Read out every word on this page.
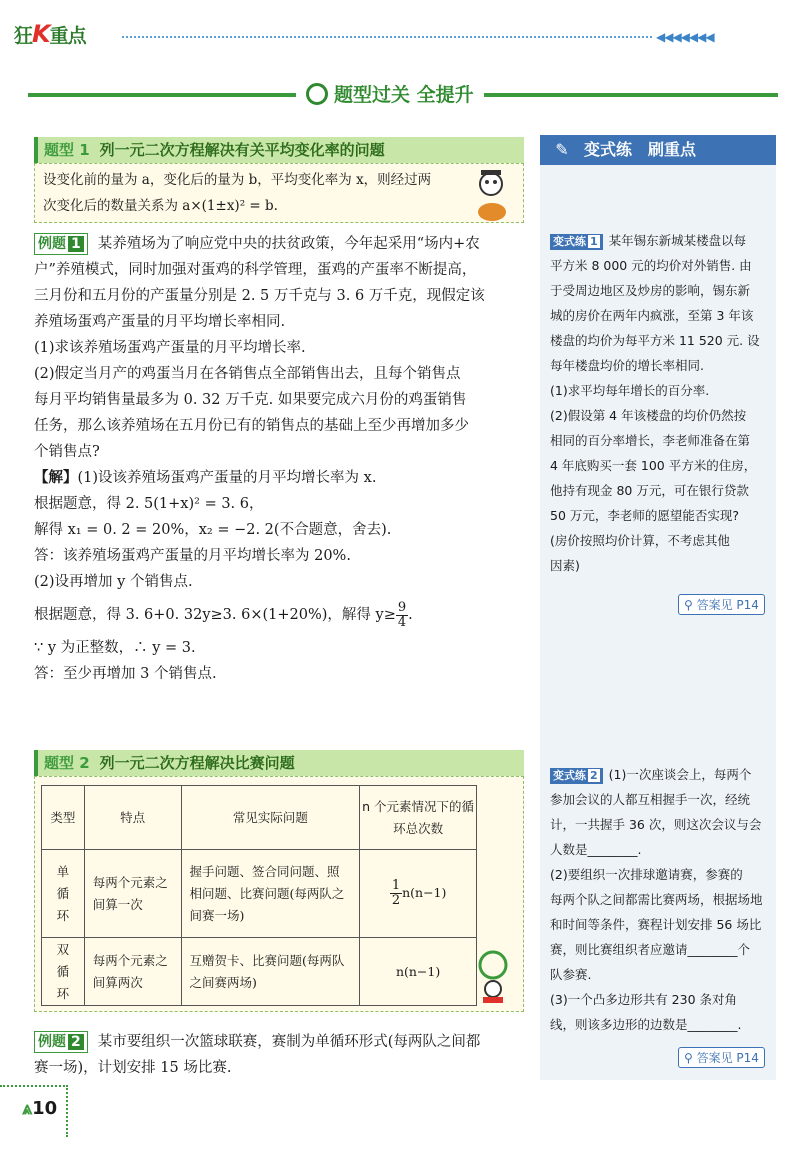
狂K重点	◀◀◀◀◀◀◀
题型过关 全提升
题型 1 列一元二次方程解决有关平均变化率的问题
设变化前的量为 a，变化后的量为 b，平均变化率为 x，则经过两
次变化后的数量关系为 a×(1±x)² = b.
例题 1 某养殖场为了响应党中央的扶贫政策，今年起采用“场内+农
户”养殖模式，同时加强对蛋鸡的科学管理，蛋鸡的产蛋率不断提高，
三月份和五月份的产蛋量分别是 2. 5 万千克与 3. 6 万千克，现假定该
养殖场蛋鸡产蛋量的月平均增长率相同.
(1)求该养殖场蛋鸡产蛋量的月平均增长率.
(2)假定当月产的鸡蛋当月在各销售点全部销售出去，且每个销售点
每月平均销售量最多为 0. 32 万千克. 如果要完成六月份的鸡蛋销售
任务，那么该养殖场在五月份已有的销售点的基础上至少再增加多少
个销售点?
【解】(1)设该养殖场蛋鸡产蛋量的月平均增长率为 x.
根据题意，得 2. 5(1+x)² = 3. 6，
解得 x₁ = 0. 2 = 20%，x₂ = −2. 2(不合题意，舍去).
答：该养殖场蛋鸡产蛋量的月平均增长率为 20%.
(2)设再增加 y 个销售点.
根据题意，得 3. 6+0. 32y≥3. 6×(1+20%)，解得 $y\ge \frac{9}{4}$ .
∵ y 为正整数，∴ y = 3.
答：至少再增加 3 个销售点.
题型 2 列一元二次方程解决比赛问题
类型	特点	常见实际问题	n 个元素情况下的循环总次数
单循环	每两个元素之间算一次	握手问题、签合同问题、照相问题、比赛问题(每两队之间赛一场)	$\frac{1}{2} n(n-1)$
双循环	每两个元素之间算两次	互赠贺卡、比赛问题(每两队之间赛两场)	n(n−1)
例题 2 某市要组织一次篮球联赛，赛制为单循环形式(每两队之间都
赛一场)，计划安排 15 场比赛.
✎ 变式练　刷重点
变式练 1 某年锡东新城某楼盘以每
平方米 8 000 元的均价对外销售. 由
于受周边地区及炒房的影响，锡东新
城的房价在两年内疯涨，至第 3 年该
楼盘的均价为每平方米 11 520 元. 设
每年楼盘均价的增长率相同.
(1)求平均每年增长的百分率.
(2)假设第 4 年该楼盘的均价仍然按
相同的百分率增长，李老师准备在第
4 年底购买一套 100 平方米的住房，
他持有现金 80 万元，可在银行贷款
50 万元，李老师的愿望能否实现?
(房价按照均价计算，不考虑其他
因素)
⚲ 答案见 P14
变式练 2 (1)一次座谈会上，每两个
参加会议的人都互相握手一次，经统
计，一共握手 36 次，则这次会议与会
人数是________.
(2)要组织一次排球邀请赛，参赛的
每两个队之间都需比赛两场，根据场地
和时间等条件，赛程计划安排 56 场比
赛，则比赛组织者应邀请________个
队参赛.
(3)一个凸多边形共有 230 条对角
线，则该多边形的边数是________.
⚲ 答案见 P14
⩓10
